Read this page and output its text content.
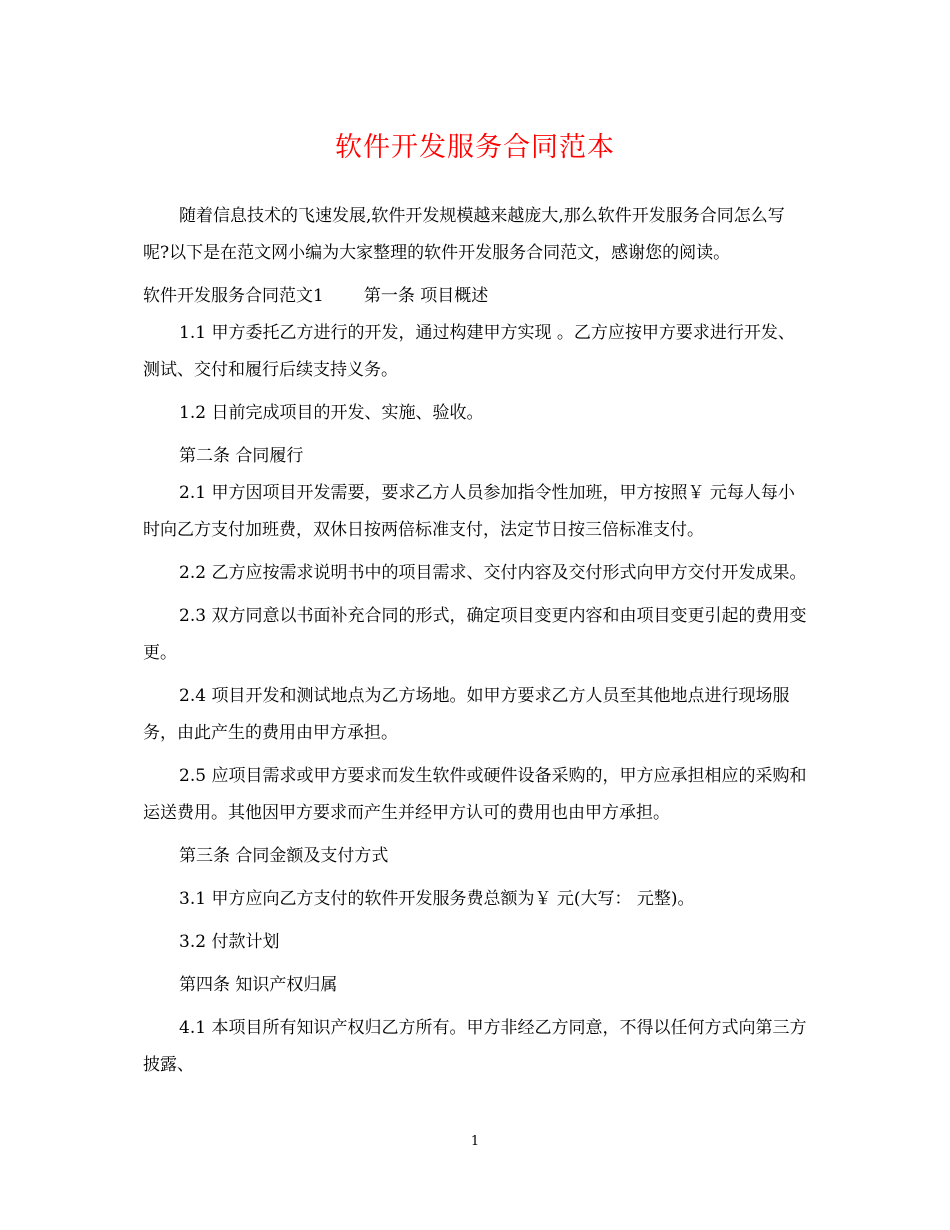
软件开发服务合同范本

随着信息技术的飞速发展,软件开发规模越来越庞大,那么软件开发服务合同怎么写呢?以下是在范文网小编为大家整理的软件开发服务合同范文，感谢您的阅读。

软件开发服务合同范文1 第一条 项目概述

1.1 甲方委托乙方进行的开发，通过构建甲方实现 。乙方应按甲方要求进行开发、测试、交付和履行后续支持义务。

1.2 日前完成项目的开发、实施、验收。

第二条 合同履行

2.1 甲方因项目开发需要，要求乙方人员参加指令性加班，甲方按照￥ 元每人每小时向乙方支付加班费，双休日按两倍标准支付，法定节日按三倍标准支付。

2.2 乙方应按需求说明书中的项目需求、交付内容及交付形式向甲方交付开发成果。

2.3 双方同意以书面补充合同的形式，确定项目变更内容和由项目变更引起的费用变更。

2.4 项目开发和测试地点为乙方场地。如甲方要求乙方人员至其他地点进行现场服务，由此产生的费用由甲方承担。

2.5 应项目需求或甲方要求而发生软件或硬件设备采购的，甲方应承担相应的采购和运送费用。其他因甲方要求而产生并经甲方认可的费用也由甲方承担。

第三条 合同金额及支付方式

3.1 甲方应向乙方支付的软件开发服务费总额为￥ 元(大写： 元整)。

3.2 付款计划

第四条 知识产权归属

4.1 本项目所有知识产权归乙方所有。甲方非经乙方同意，不得以任何方式向第三方披露、

1
